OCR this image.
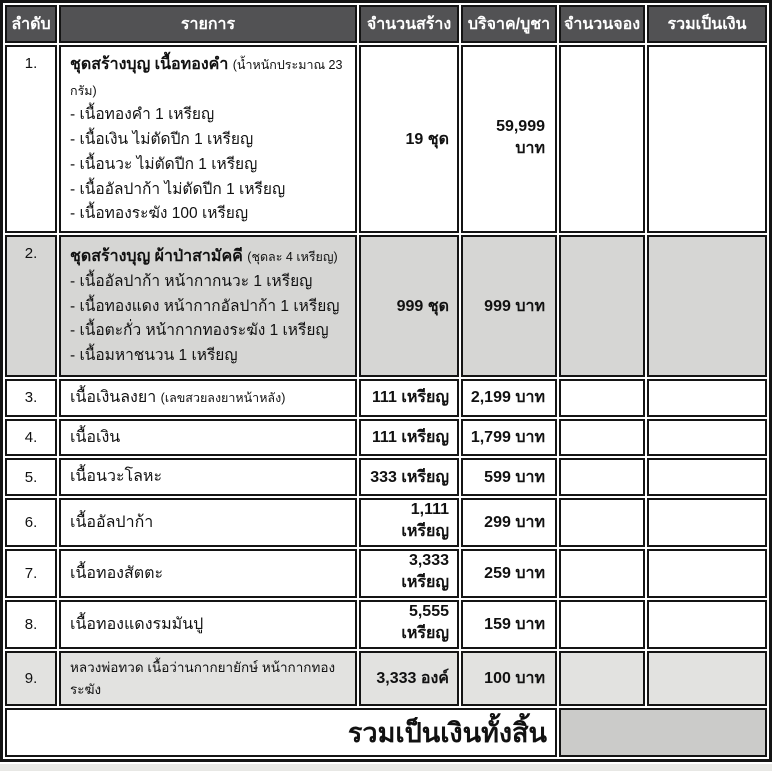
ลำดับ	รายการ	จำนวนสร้าง	บริจาค/บูชา	จำนวนจอง	รวมเป็นเงิน
1.	ชุดสร้างบุญ เนื้อทองคำ (น้ำหนักประมาณ 23 กรัม)
- เนื้อทองคำ 1 เหรียญ
- เนื้อเงิน ไม่ตัดปีก 1 เหรียญ
- เนื้อนวะ ไม่ตัดปีก 1 เหรียญ
- เนื้ออัลปาก้า ไม่ตัดปีก 1 เหรียญ
- เนื้อทองระฆัง 100 เหรียญ
	19 ชุด	59,999 บาท		
2.	ชุดสร้างบุญ ผ้าป่าสามัคคี (ชุดละ 4 เหรียญ)
- เนื้ออัลปาก้า หน้ากากนวะ 1 เหรียญ
- เนื้อทองแดง หน้ากากอัลปาก้า 1 เหรียญ
- เนื้อตะกั่ว หน้ากากทองระฆัง 1 เหรียญ
- เนื้อมหาชนวน 1 เหรียญ	999 ชุด	999 บาท		
3.	เนื้อเงินลงยา (เลขสวยลงยาหน้าหลัง)	111 เหรียญ	2,199 บาท		
4.	เนื้อเงิน	111 เหรียญ	1,799 บาท		
5.	เนื้อนวะโลหะ	333 เหรียญ	599 บาท		
6.	เนื้ออัลปาก้า	1,111 เหรียญ	299 บาท		
7.	เนื้อทองสัตตะ	3,333 เหรียญ	259 บาท		
8.	เนื้อทองแดงรมมันปู	5,555 เหรียญ	159 บาท		
9.	หลวงพ่อทวด เนื้อว่านกากยายักษ์ หน้ากากทองระฆัง	3,333 องค์	100 บาท		
รวมเป็นเงินทั้งสิ้น					
